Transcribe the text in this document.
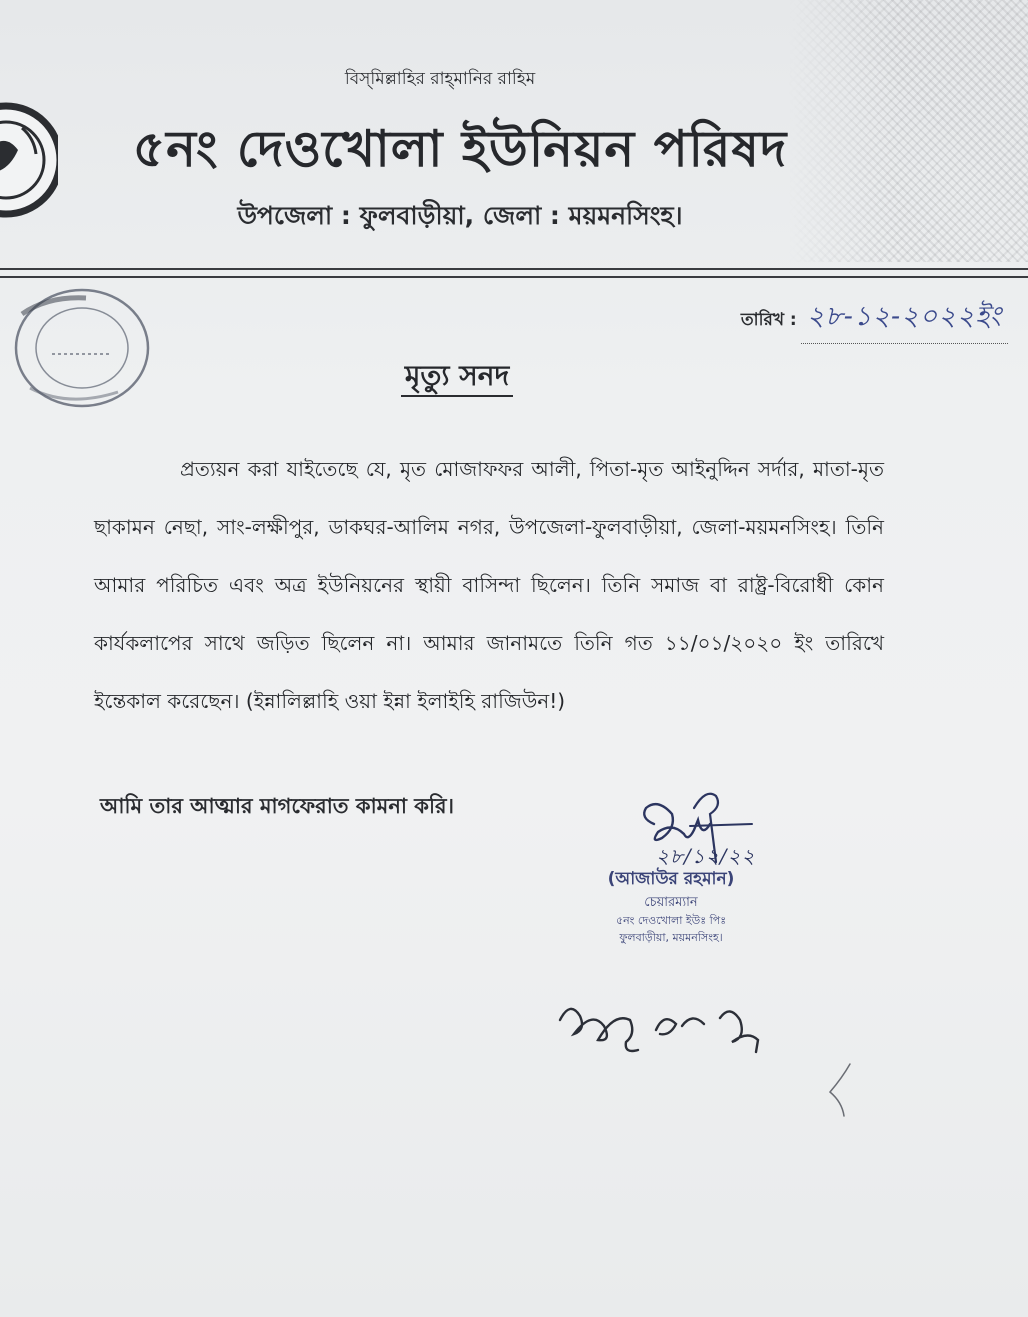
বিস্‌মিল্লাহির রাহ্‌মানির রাহিম
৫নং দেওখোলা ইউনিয়ন পরিষদ
উপজেলা : ফুলবাড়ীয়া, জেলা : ময়মনসিংহ।
তারিখ : ২৮-১২-২০২২ইং
মৃত্যু সনদ
প্রত্যয়ন করা যাইতেছে যে, মৃত মোজাফফর আলী, পিতা-মৃত আইনুদ্দিন সর্দার, মাতা-মৃত ছাকামন নেছা, সাং-লক্ষীপুর, ডাকঘর-আলিম নগর, উপজেলা-ফুলবাড়ীয়া, জেলা-ময়মনসিংহ। তিনি আমার পরিচিত এবং অত্র ইউনিয়নের স্থায়ী বাসিন্দা ছিলেন। তিনি সমাজ বা রাষ্ট্র-বিরোধী কোন কার্যকলাপের সাথে জড়িত ছিলেন না। আমার জানামতে তিনি গত ১১/০১/২০২০ ইং তারিখে ইন্তেকাল করেছেন। (ইন্নালিল্লাহি ওয়া ইন্না ইলাইহি রাজিউন!)
আমি তার আত্মার মাগফেরাত কামনা করি।
২৮/১২/২২
(আজাউর রহমান)
চেয়ারম্যান
৫নং দেওখোলা ইউঃ পিঃ
ফুলবাড়ীয়া, ময়মনসিংহ।
